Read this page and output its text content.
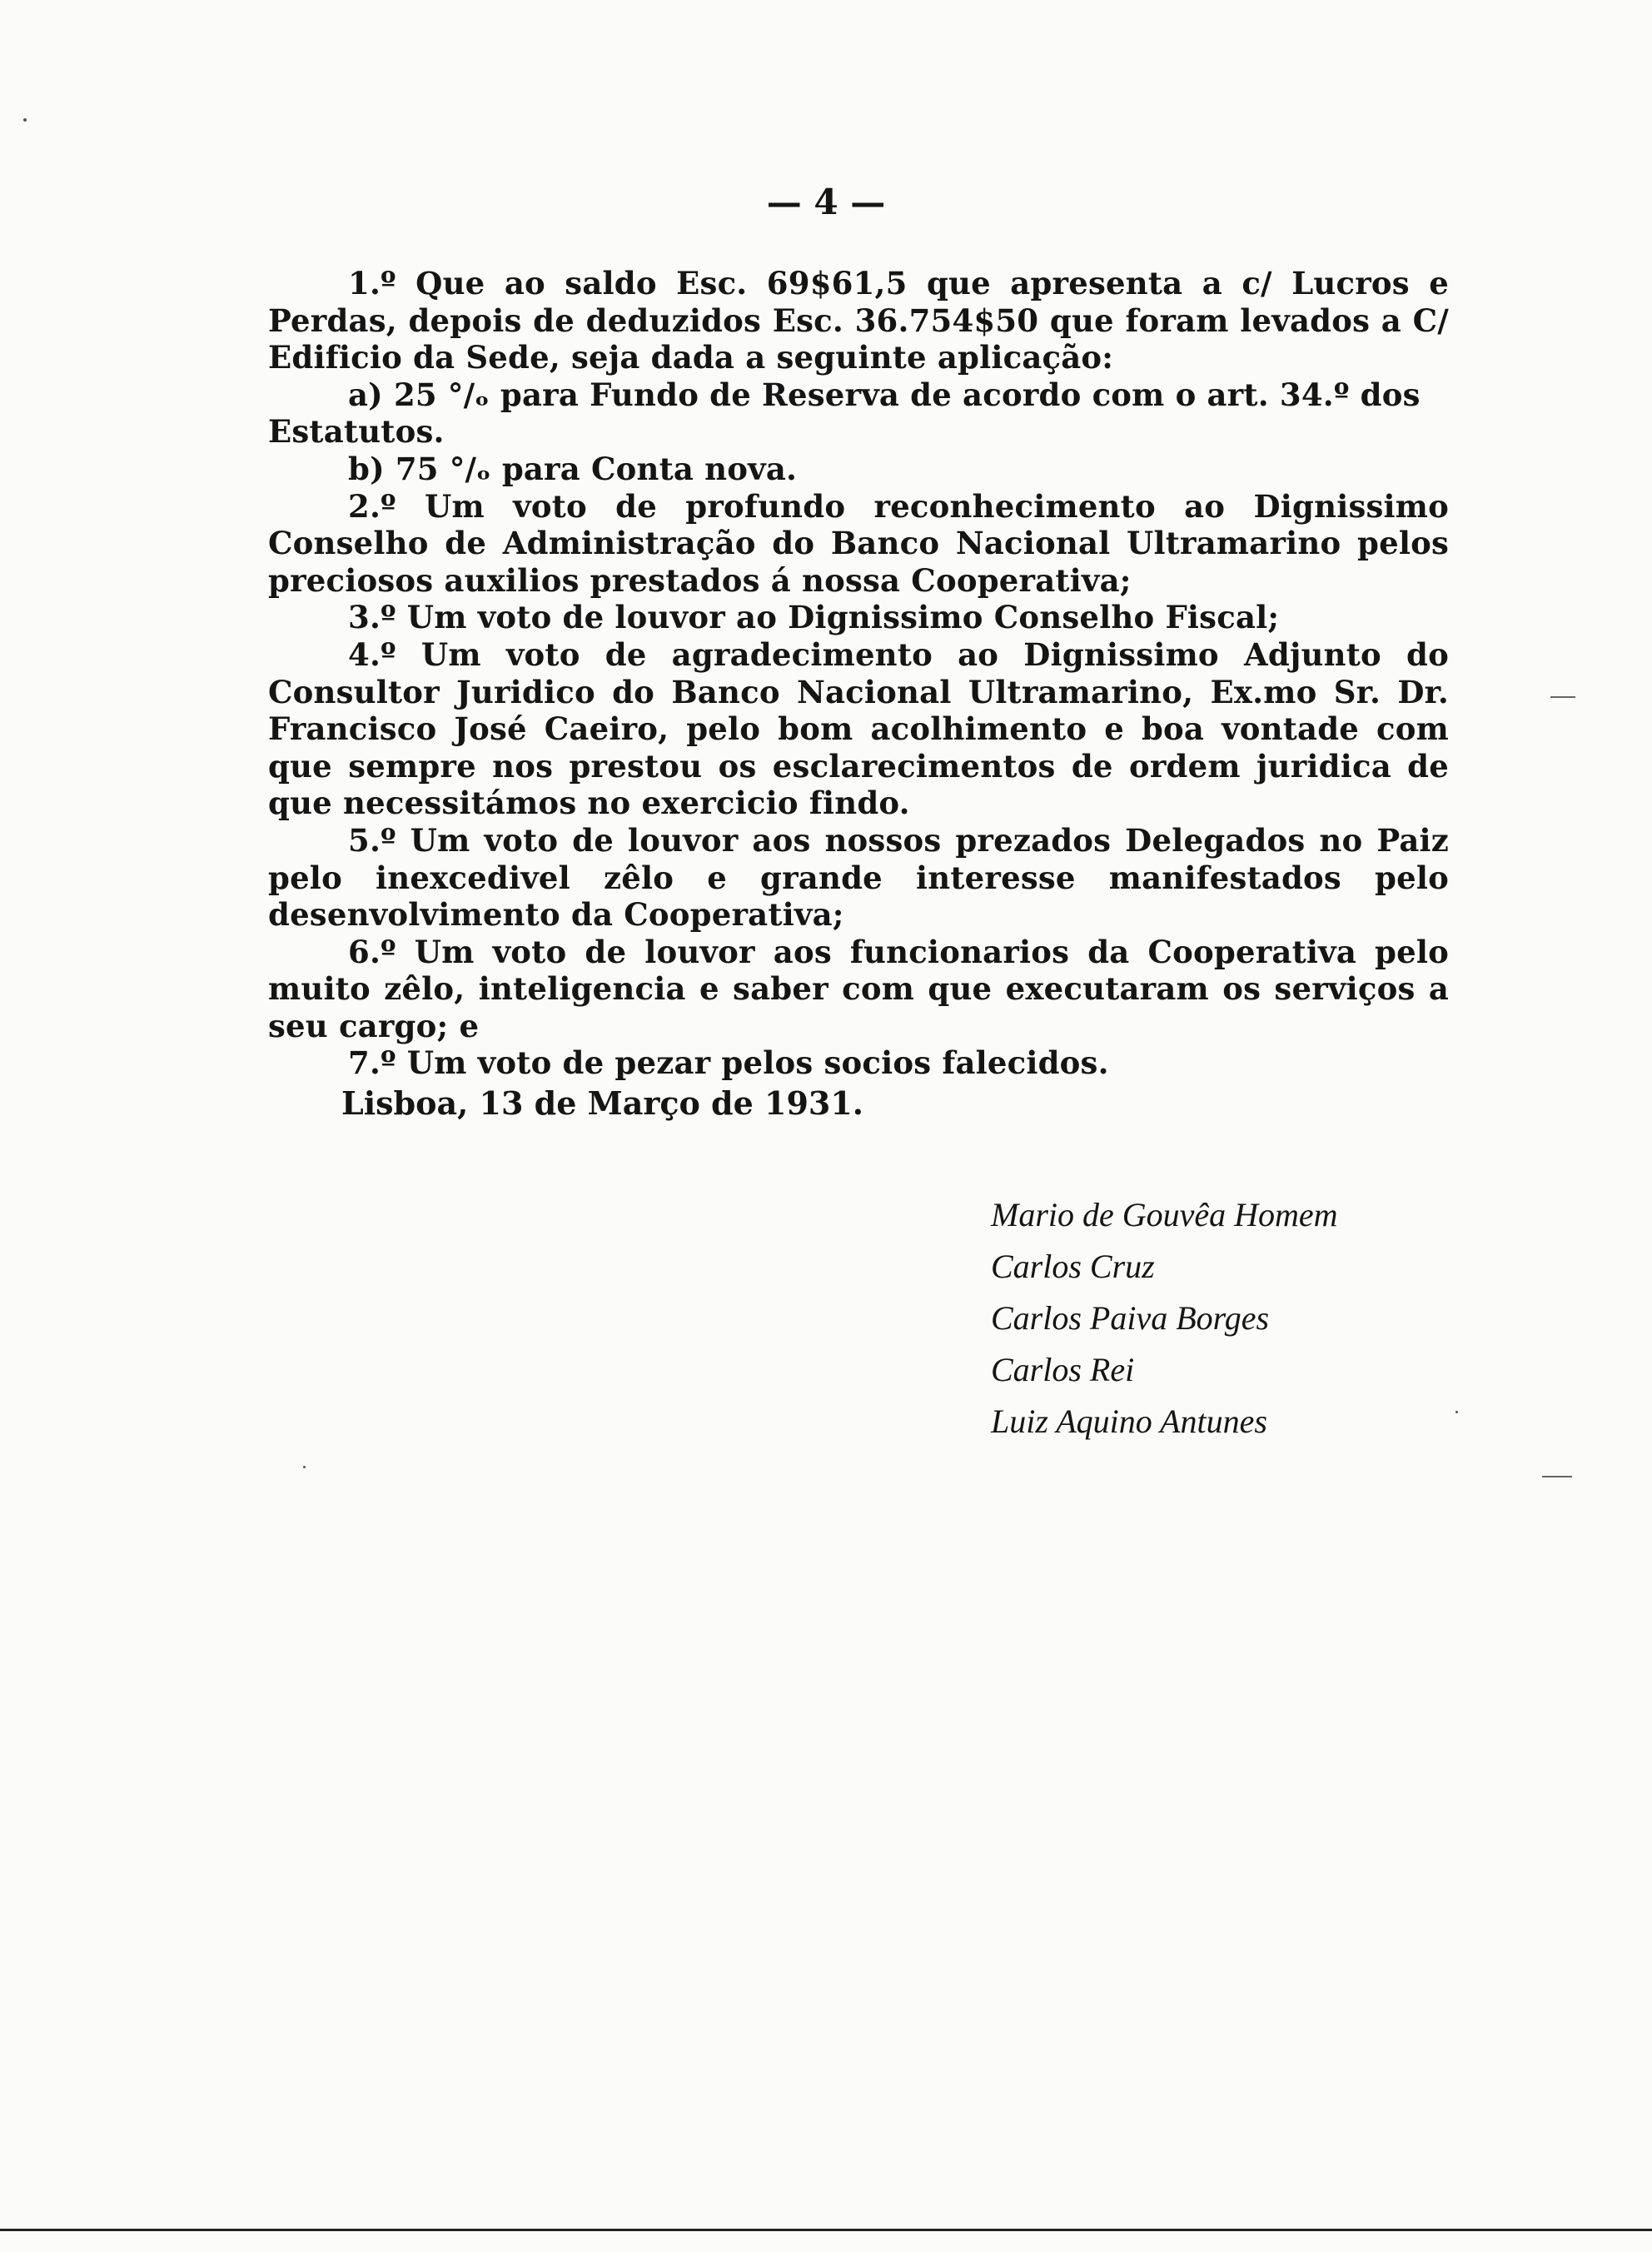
— 4 —

1.º Que ao saldo Esc. 69$61,5 que apresenta a c/ Lucros e Perdas, depois de deduzidos Esc. 36.754$50 que foram levados a C/ Edificio da Sede, seja dada a seguinte aplicação:

a) 25 °/ₒ para Fundo de Reserva de acordo com o art. 34.º dos Estatutos.

b) 75 °/ₒ para Conta nova.

2.º Um voto de profundo reconhecimento ao Dignissimo Conselho de Administração do Banco Nacional Ultramarino pelos preciosos auxilios prestados á nossa Cooperativa;

3.º Um voto de louvor ao Dignissimo Conselho Fiscal;

4.º Um voto de agradecimento ao Dignissimo Adjunto do Consultor Juridico do Banco Nacional Ultramarino, Ex.mo Sr. Dr. Francisco José Caeiro, pelo bom acolhimento e boa vontade com que sempre nos prestou os esclarecimentos de ordem juridica de que necessitámos no exercicio findo.

5.º Um voto de louvor aos nossos prezados Delegados no Paiz pelo inexcedivel zêlo e grande interesse manifestados pelo desenvolvimento da Cooperativa;

6.º Um voto de louvor aos funcionarios da Cooperativa pelo muito zêlo, inteligencia e saber com que executaram os serviços a seu cargo; e

7.º Um voto de pezar pelos socios falecidos.

Lisboa, 13 de Março de 1931.
Mario de Gouvêa Homem
Carlos Cruz
Carlos Paiva Borges
Carlos Rei
Luiz Aquino Antunes
